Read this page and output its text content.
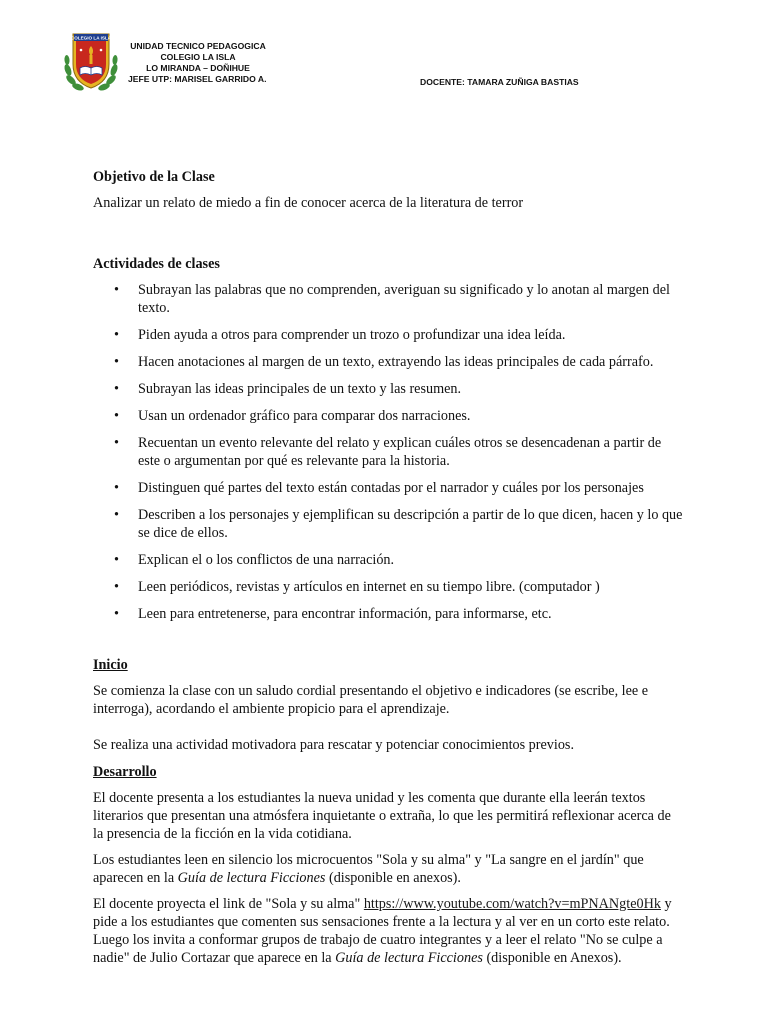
COLEGIO LA ISLA
UNIDAD TECNICO PEDAGOGICA
COLEGIO LA ISLA
LO MIRANDA – DOÑIHUE
JEFE UTP: MARISEL GARRIDO A.	DOCENTE: TAMARA ZUÑIGA BASTIAS

Objetivo de la Clase

Analizar un relato de miedo a fin de conocer acerca de la literatura de terror

Actividades de clases

• Subrayan las palabras que no comprenden, averiguan su significado y lo anotan al margen del texto.
• Piden ayuda a otros para comprender un trozo o profundizar una idea leída.
• Hacen anotaciones al margen de un texto, extrayendo las ideas principales de cada párrafo.
• Subrayan las ideas principales de un texto y las resumen.
• Usan un ordenador gráfico para comparar dos narraciones.
• Recuentan un evento relevante del relato y explican cuáles otros se desencadenan a partir de este o argumentan por qué es relevante para la historia.
• Distinguen qué partes del texto están contadas por el narrador y cuáles por los personajes
• Describen a los personajes y ejemplifican su descripción a partir de lo que dicen, hacen y lo que se dice de ellos.
• Explican el o los conflictos de una narración.
• Leen periódicos, revistas y artículos en internet en su tiempo libre. (computador )
• Leen para entretenerse, para encontrar información, para informarse, etc.

Inicio

Se comienza la clase con un saludo cordial presentando el objetivo e indicadores (se escribe, lee e interroga), acordando el ambiente propicio para el aprendizaje.

Se realiza una actividad motivadora para rescatar y potenciar conocimientos previos.

Desarrollo

El docente presenta a los estudiantes la nueva unidad y les comenta que durante ella leerán textos literarios que presentan una atmósfera inquietante o extraña, lo que les permitirá reflexionar acerca de la presencia de la ficción en la vida cotidiana.

Los estudiantes leen en silencio los microcuentos "Sola y su alma" y "La sangre en el jardín" que aparecen en la Guía de lectura Ficciones (disponible en anexos).

El docente proyecta el link de "Sola y su alma" https://www.youtube.com/watch?v=mPNANgte0Hk y pide a los estudiantes que comenten sus sensaciones frente a la lectura y al ver en un corto este relato. Luego los invita a conformar grupos de trabajo de cuatro integrantes y a leer el relato "No se culpe a nadie" de Julio Cortazar que aparece en la Guía de lectura Ficciones (disponible en Anexos).
